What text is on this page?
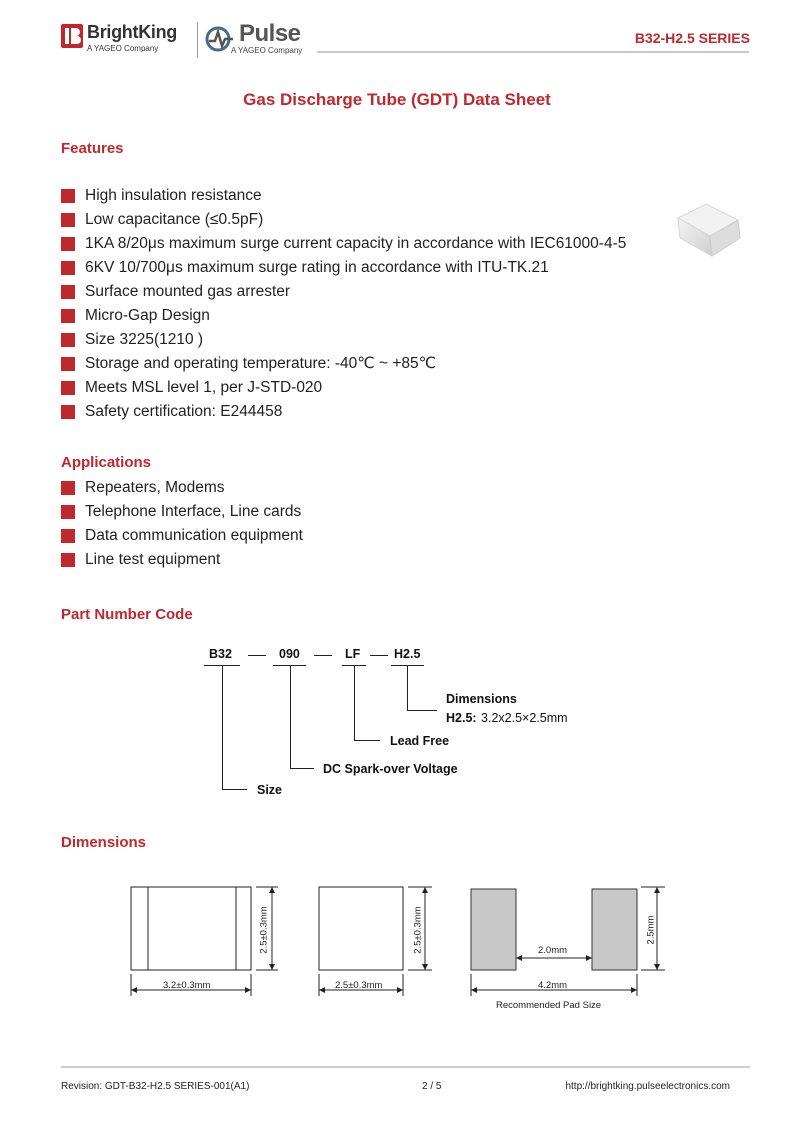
BrightKing
A YAGEO Company
Pulse
A YAGEO Company
B32-H2.5 SERIES
Gas Discharge Tube (GDT) Data Sheet
Features
High insulation resistance
Low capacitance (≤0.5pF)
1KA 8/20μs maximum surge current capacity in accordance with IEC61000-4-5
6KV 10/700μs maximum surge rating in accordance with ITU-TK.21
Surface mounted gas arrester
Micro-Gap Design
Size 3225(1210 )
Storage and operating temperature: -40℃ ~ +85℃
Meets MSL level 1, per J-STD-020
Safety certification: E244458
Applications
Repeaters, Modems
Telephone Interface, Line cards
Data communication equipment
Line test equipment
Part Number Code
B32	090	LF	H2.5
Dimensions
H2.5: 3.2x2.5×2.5mm
Lead Free
DC Spark-over Voltage
Size
Dimensions
2.5±0.3mm
3.2±0.3mm
2.5±0.3mm
2.5±0.3mm
2.5mm
2.0mm
4.2mm
Recommended Pad Size
Revision: GDT-B32-H2.5 SERIES-001(A1)	2 / 5	http://brightking.pulseelectronics.com
